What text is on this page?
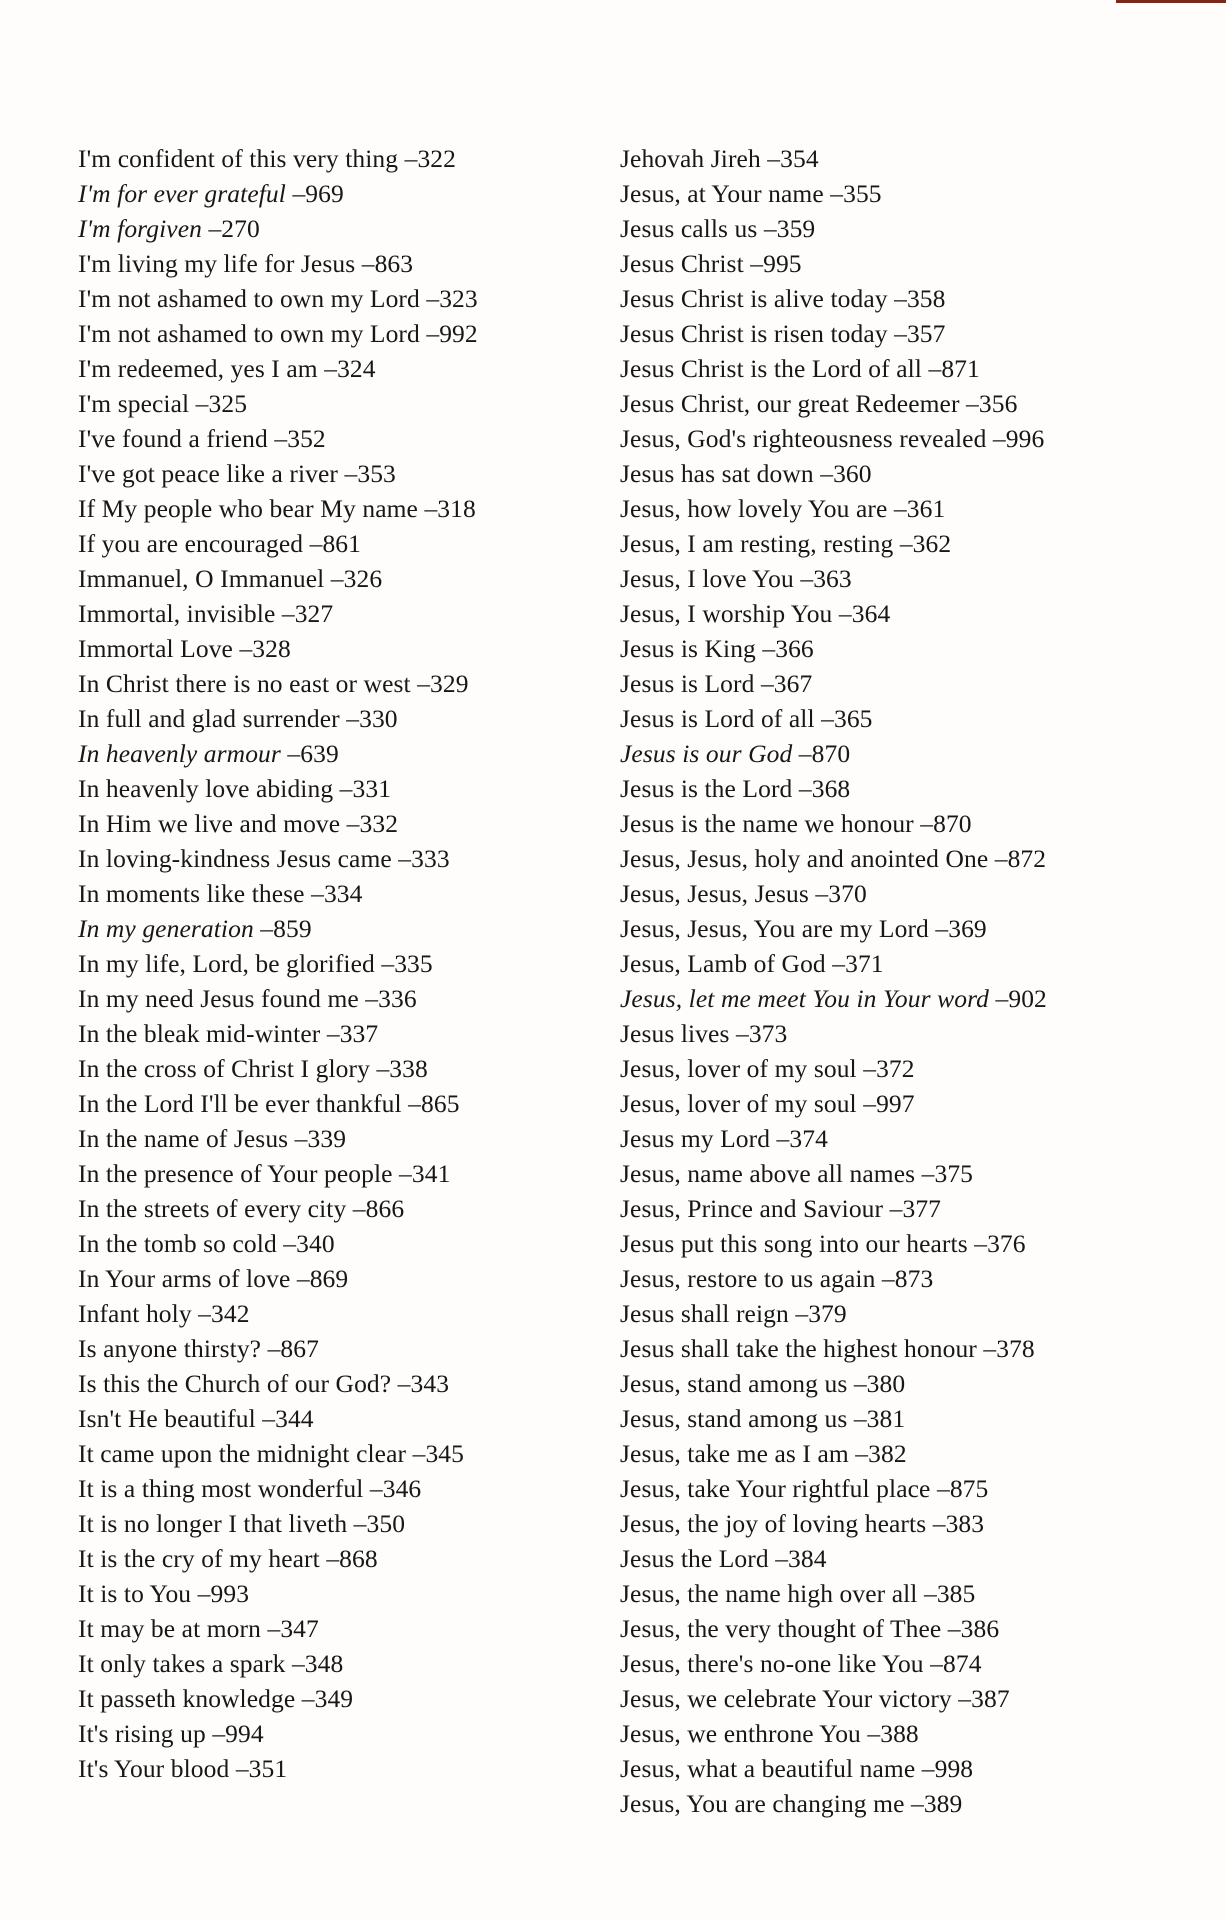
I'm confident of this very thing – 322
I'm for ever grateful – 969
I'm forgiven – 270
I'm living my life for Jesus – 863
I'm not ashamed to own my Lord – 323
I'm not ashamed to own my Lord – 992
I'm redeemed, yes I am – 324
I'm special – 325
I've found a friend – 352
I've got peace like a river – 353
If My people who bear My name – 318
If you are encouraged – 861
Immanuel, O Immanuel – 326
Immortal, invisible – 327
Immortal Love – 328
In Christ there is no east or west – 329
In full and glad surrender – 330
In heavenly armour – 639
In heavenly love abiding – 331
In Him we live and move – 332
In loving-kindness Jesus came – 333
In moments like these – 334
In my generation – 859
In my life, Lord, be glorified – 335
In my need Jesus found me – 336
In the bleak mid-winter – 337
In the cross of Christ I glory – 338
In the Lord I'll be ever thankful – 865
In the name of Jesus – 339
In the presence of Your people – 341
In the streets of every city – 866
In the tomb so cold – 340
In Your arms of love – 869
Infant holy – 342
Is anyone thirsty? – 867
Is this the Church of our God? – 343
Isn't He beautiful – 344
It came upon the midnight clear – 345
It is a thing most wonderful – 346
It is no longer I that liveth – 350
It is the cry of my heart – 868
It is to You – 993
It may be at morn – 347
It only takes a spark – 348
It passeth knowledge – 349
It's rising up – 994
It's Your blood – 351
Jehovah Jireh – 354
Jesus, at Your name – 355
Jesus calls us – 359
Jesus Christ – 995
Jesus Christ is alive today – 358
Jesus Christ is risen today – 357
Jesus Christ is the Lord of all – 871
Jesus Christ, our great Redeemer – 356
Jesus, God's righteousness revealed – 996
Jesus has sat down – 360
Jesus, how lovely You are – 361
Jesus, I am resting, resting – 362
Jesus, I love You – 363
Jesus, I worship You – 364
Jesus is King – 366
Jesus is Lord – 367
Jesus is Lord of all – 365
Jesus is our God – 870
Jesus is the Lord – 368
Jesus is the name we honour – 870
Jesus, Jesus, holy and anointed One – 872
Jesus, Jesus, Jesus – 370
Jesus, Jesus, You are my Lord – 369
Jesus, Lamb of God – 371
Jesus, let me meet You in Your word – 902
Jesus lives – 373
Jesus, lover of my soul – 372
Jesus, lover of my soul – 997
Jesus my Lord – 374
Jesus, name above all names – 375
Jesus, Prince and Saviour – 377
Jesus put this song into our hearts – 376
Jesus, restore to us again – 873
Jesus shall reign – 379
Jesus shall take the highest honour – 378
Jesus, stand among us – 380
Jesus, stand among us – 381
Jesus, take me as I am – 382
Jesus, take Your rightful place – 875
Jesus, the joy of loving hearts – 383
Jesus the Lord – 384
Jesus, the name high over all – 385
Jesus, the very thought of Thee – 386
Jesus, there's no-one like You – 874
Jesus, we celebrate Your victory – 387
Jesus, we enthrone You – 388
Jesus, what a beautiful name – 998
Jesus, You are changing me – 389
